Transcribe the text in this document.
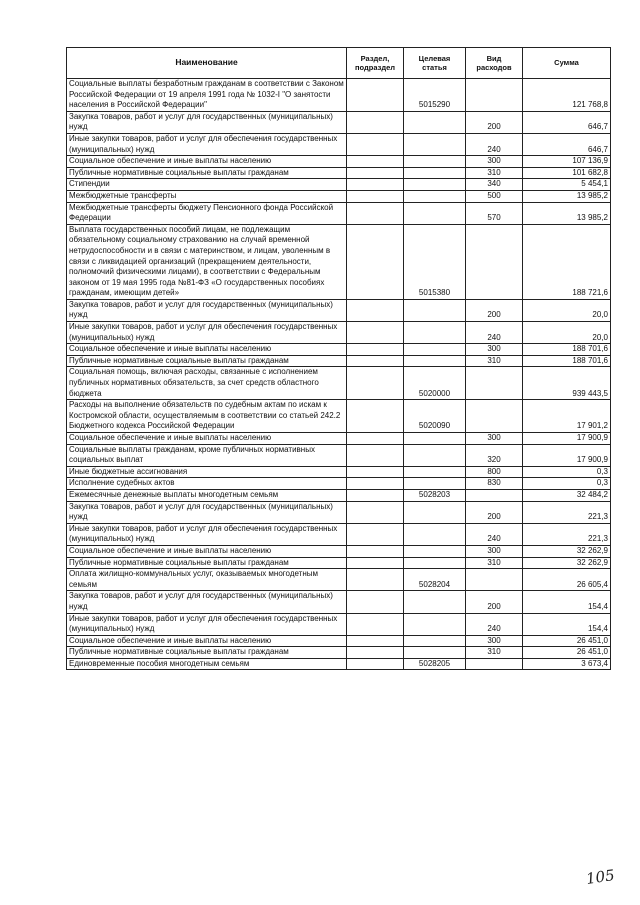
Наименование	Раздел, подраздел	Целевая статья	Вид расходов	Сумма
Социальные выплаты безработным гражданам в соответствии с Законом Российской Федерации от 19 апреля 1991 года № 1032-I "О занятости населения в Российской Федерации"		5015290		121 768,8
Закупка товаров, работ и услуг для государственных (муниципальных) нужд			200	646,7
Иные закупки товаров, работ и услуг для обеспечения государственных (муниципальных) нужд			240	646,7
Социальное обеспечение и иные выплаты населению			300	107 136,9
Публичные нормативные социальные выплаты гражданам			310	101 682,8
Стипендии			340	5 454,1
Межбюджетные трансферты			500	13 985,2
Межбюджетные трансферты бюджету Пенсионного фонда Российской Федерации			570	13 985,2
Выплата государственных пособий лицам, не подлежащим обязательному социальному страхованию на случай временной нетрудоспособности и в связи с материнством, и лицам, уволенным в связи с ликвидацией организаций (прекращением деятельности, полномочий физическими лицами), в соответствии с Федеральным законом от 19 мая 1995 года №81-ФЗ «О государственных пособиях гражданам, имеющим детей»		5015380		188 721,6
Закупка товаров, работ и услуг для государственных (муниципальных) нужд			200	20,0
Иные закупки товаров, работ и услуг для обеспечения государственных (муниципальных) нужд			240	20,0
Социальное обеспечение и иные выплаты населению			300	188 701,6
Публичные нормативные социальные выплаты гражданам			310	188 701,6
Социальная помощь, включая расходы, связанные с исполнением публичных нормативных обязательств, за счет средств областного бюджета		5020000		939 443,5
Расходы на выполнение обязательств по судебным актам по искам к Костромской области, осуществляемым в соответствии со статьей 242.2 Бюджетного кодекса Российской Федерации		5020090		17 901,2
Социальное обеспечение и иные выплаты населению			300	17 900,9
Социальные выплаты гражданам, кроме публичных нормативных социальных выплат			320	17 900,9
Иные бюджетные ассигнования			800	0,3
Исполнение судебных актов			830	0,3
Ежемесячные денежные выплаты многодетным семьям		5028203		32 484,2
Закупка товаров, работ и услуг для государственных (муниципальных) нужд			200	221,3
Иные закупки товаров, работ и услуг для обеспечения государственных (муниципальных) нужд			240	221,3
Социальное обеспечение и иные выплаты населению			300	32 262,9
Публичные нормативные социальные выплаты гражданам			310	32 262,9
Оплата жилищно-коммунальных услуг, оказываемых многодетным семьям		5028204		26 605,4
Закупка товаров, работ и услуг для государственных (муниципальных) нужд			200	154,4
Иные закупки товаров, работ и услуг для обеспечения государственных (муниципальных) нужд			240	154,4
Социальное обеспечение и иные выплаты населению			300	26 451,0
Публичные нормативные социальные выплаты гражданам			310	26 451,0
Единовременные пособия многодетным семьям		5028205		3 673,4
105
